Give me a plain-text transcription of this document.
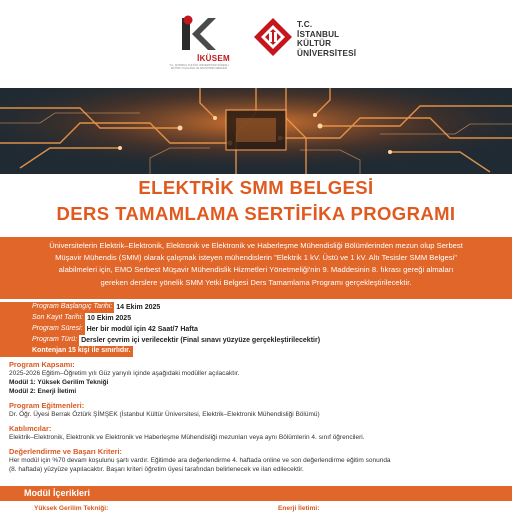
İKÜSEM
T.C. İSTANBUL KÜLTÜR ÜNİVERSİTESİ SÜREKLİ EĞİTİM UYGULAMA VE ARAŞTIRMA MERKEZİ
T.C.
İSTANBUL
KÜLTÜR
ÜNİVERSİTESİ
ELEKTRİK SMM BELGESİ
DERS TAMAMLAMA SERTİFİKA PROGRAMI
Üniversitelerin Elektrik–Elektronik, Elektronik ve Elektronik ve Haberleşme Mühendisliği Bölümlerinden mezun olup Serbest
Müşavir Mühendis (SMM) olarak çalışmak isteyen mühendislerin "Elektrik 1 kV. Üstü ve 1 kV. Altı Tesisler SMM Belgesi"
alabilmeleri için, EMO Serbest Müşavir Mühendislik Hizmetleri Yönetmeliği'nin 9. Maddesinin 8. fıkrası gereği almaları
gereken derslere yönelik SMM Yetki Belgesi Ders Tamamlama Programı gerçekleştirilecektir.
Program Başlangıç Tarihi: 14 Ekim 2025
Son Kayıt Tarihi: 10 Ekim 2025
Program Süresi: Her bir modül için 42 Saat/7 Hafta
Program Türü: Dersler çevrim içi verilecektir (Final sınavı yüzyüze gerçekleştirilecektir)
Kontenjan 15 kişi ile sınırlıdır.
Program Kapsamı:
2025-2026 Eğitim–Öğretim yılı Güz yarıyılı içinde aşağıdaki modüller açılacaktır.
Modül 1: Yüksek Gerilim Tekniği
Modül 2: Enerji İletimi
Program Eğitmenleri:
Dr. Öğr. Üyesi Berrak Öztürk ŞİMŞEK (İstanbul Kültür Üniversitesi, Elektrik–Elektronik Mühendisliği Bölümü)
Katılımcılar:
Elektrik–Elektronik, Elektronik ve Elektronik ve Haberleşme Mühendisliği mezunları veya aynı Bölümlerin 4. sınıf öğrencileri.
Değerlendirme ve Başarı Kriteri:
Her modül için %70 devam koşulunu şartı vardır. Eğitimde ara değerlendirme 4. haftada online ve son değerlendirme eğitim sonunda
(8. haftada) yüzyüze yapılacaktır. Başarı kriteri öğretim üyesi tarafından belirlenecek ve ilan edilecektir.
Modül İçerikleri
Yüksek Gerilim Tekniği:	Enerji İletimi:
